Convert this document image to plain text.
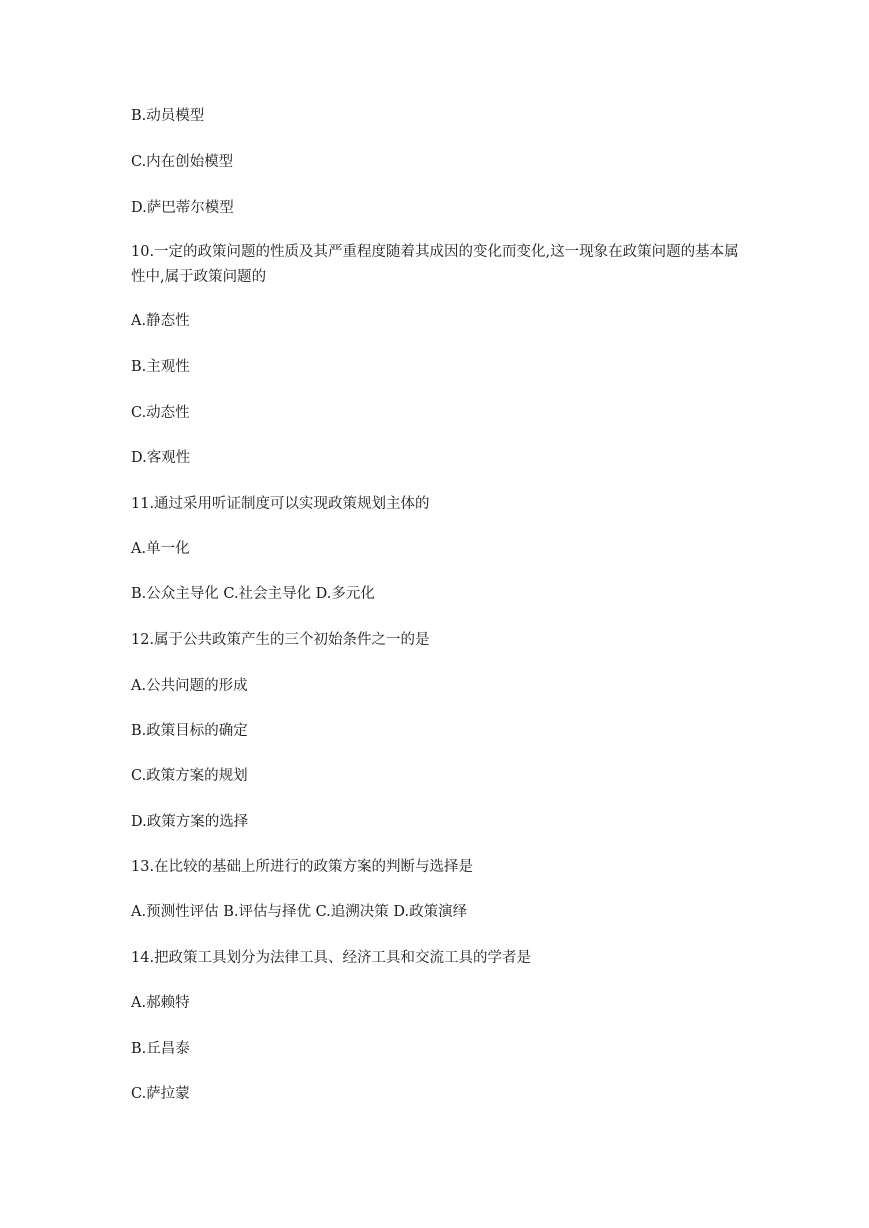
B.动员模型
C.内在创始模型
D.萨巴蒂尔模型
10.一定的政策问题的性质及其严重程度随着其成因的变化而变化,这一现象在政策问题的基本属性中,属于政策问题的
A.静态性
B.主观性
C.动态性
D.客观性
11.通过采用听证制度可以实现政策规划主体的
A.单一化
B.公众主导化 C.社会主导化 D.多元化
12.属于公共政策产生的三个初始条件之一的是
A.公共问题的形成
B.政策目标的确定
C.政策方案的规划
D.政策方案的选择
13.在比较的基础上所进行的政策方案的判断与选择是
A.预测性评估 B.评估与择优 C.追溯决策 D.政策演绎
14.把政策工具划分为法律工具、经济工具和交流工具的学者是
A.郝赖特
B.丘昌泰
C.萨拉蒙
